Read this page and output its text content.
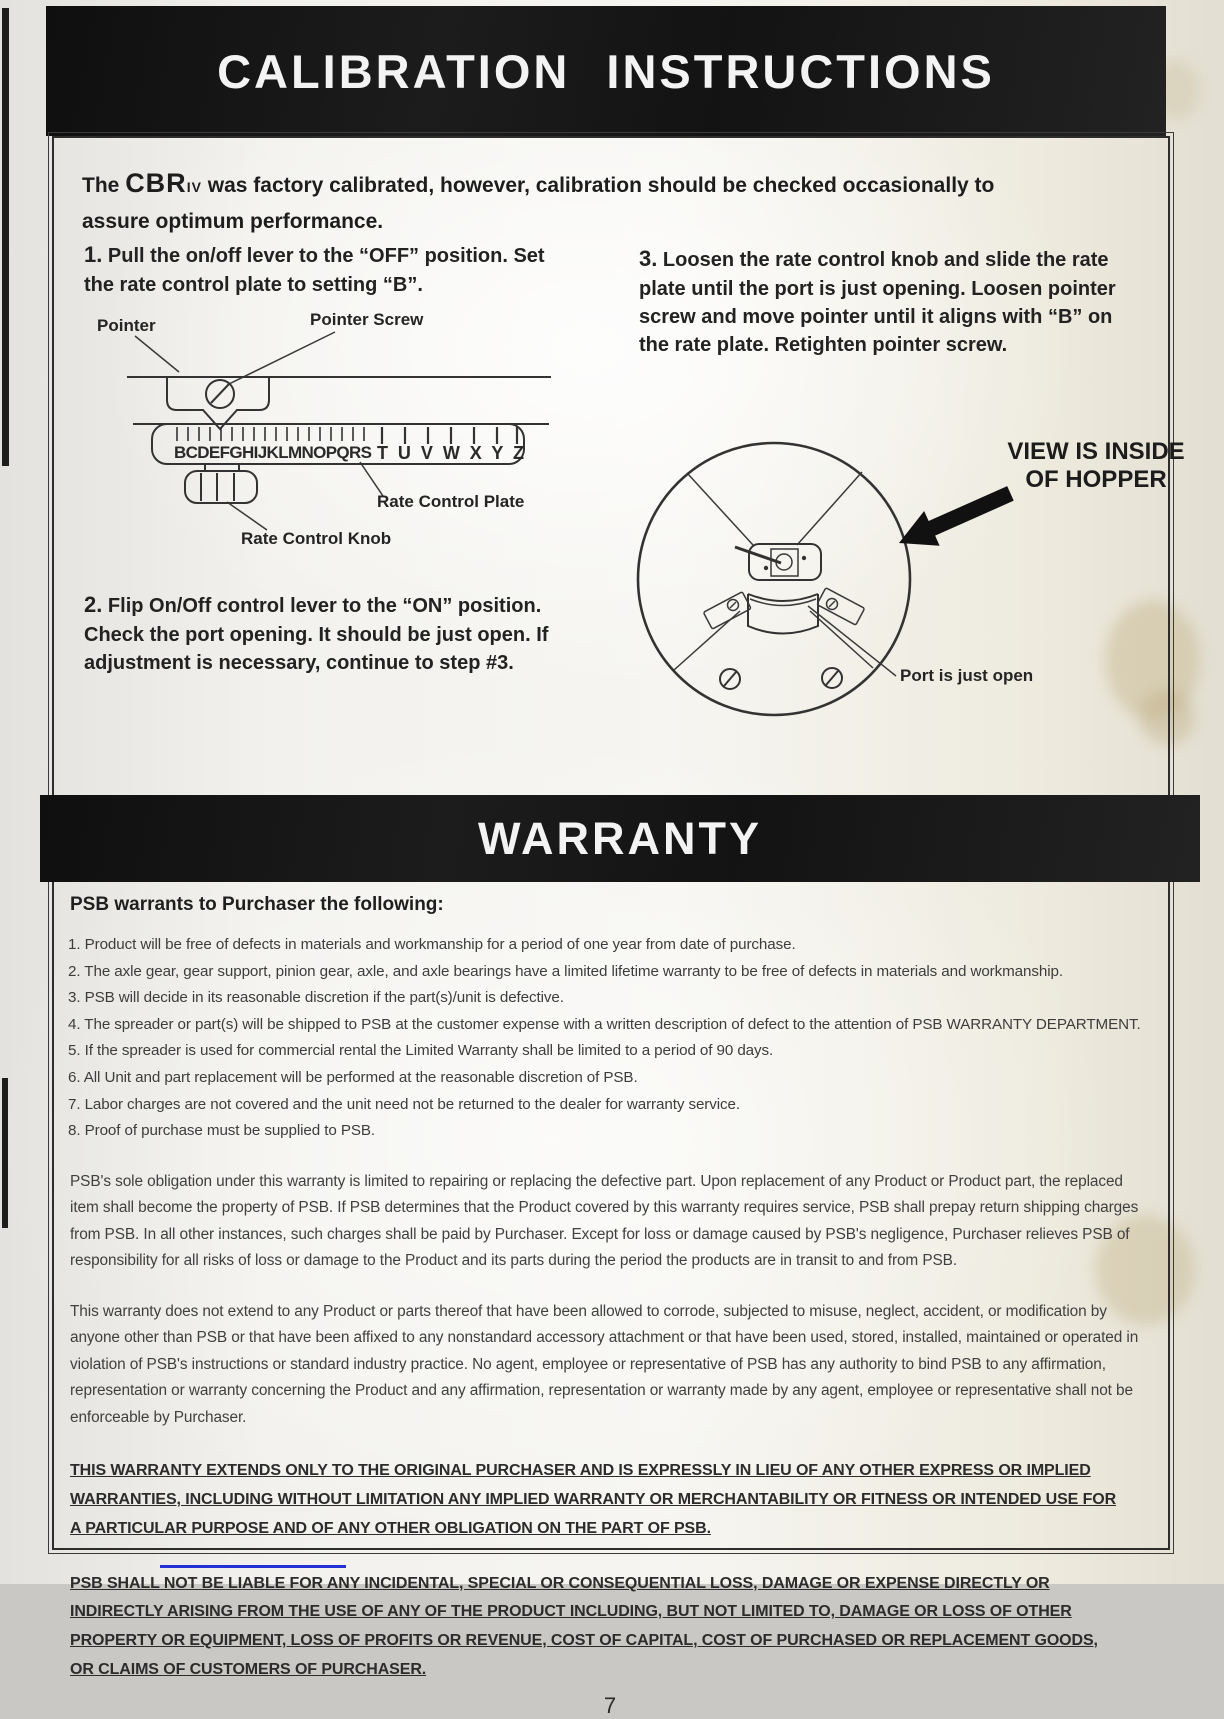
CALIBRATION INSTRUCTIONS

The CBRIV was factory calibrated, however, calibration should be checked occasionally to assure optimum performance.

1. Pull the on/off lever to the “OFF” position. Set the rate control plate to setting “B”.

BCDEFGHIJKLMNOPQRS T U V W X Y Z
Pointer	Pointer Screw
Rate Control Plate
Rate Control Knob

2. Flip On/Off control lever to the “ON” position. Check the port opening. It should be just open. If adjustment is necessary, continue to step #3.

3. Loosen the rate control knob and slide the rate plate until the port is just opening. Loosen pointer screw and move pointer until it aligns with “B” on the rate plate. Retighten pointer screw.

VIEW IS INSIDE OF HOPPER
Port is just open
WARRANTY

PSB warrants to Purchaser the following:

1. Product will be free of defects in materials and workmanship for a period of one year from date of purchase.
2. The axle gear, gear support, pinion gear, axle, and axle bearings have a limited lifetime warranty to be free of defects in materials and workmanship.
3. PSB will decide in its reasonable discretion if the part(s)/unit is defective.
4. The spreader or part(s) will be shipped to PSB at the customer expense with a written description of defect to the attention of PSB WARRANTY DEPARTMENT.
5. If the spreader is used for commercial rental the Limited Warranty shall be limited to a period of 90 days.
6. All Unit and part replacement will be performed at the reasonable discretion of PSB.
7. Labor charges are not covered and the unit need not be returned to the dealer for warranty service.
8. Proof of purchase must be supplied to PSB.

PSB's sole obligation under this warranty is limited to repairing or replacing the defective part. Upon replacement of any Product or Product part, the replaced item shall become the property of PSB. If PSB determines that the Product covered by this warranty requires service, PSB shall prepay return shipping charges from PSB. In all other instances, such charges shall be paid by Purchaser. Except for loss or damage caused by PSB's negligence, Purchaser relieves PSB of responsibility for all risks of loss or damage to the Product and its parts during the period the products are in transit to and from PSB.

This warranty does not extend to any Product or parts thereof that have been allowed to corrode, subjected to misuse, neglect, accident, or modification by anyone other than PSB or that have been affixed to any nonstandard accessory attachment or that have been used, stored, installed, maintained or operated in violation of PSB's instructions or standard industry practice. No agent, employee or representative of PSB has any authority to bind PSB to any affirmation, representation or warranty concerning the Product and any affirmation, representation or warranty made by any agent, employee or representative shall not be enforceable by Purchaser.

THIS WARRANTY EXTENDS ONLY TO THE ORIGINAL PURCHASER AND IS EXPRESSLY IN LIEU OF ANY OTHER EXPRESS OR IMPLIED WARRANTIES, INCLUDING WITHOUT LIMITATION ANY IMPLIED WARRANTY OR MERCHANTABILITY OR FITNESS OR INTENDED USE FOR A PARTICULAR PURPOSE AND OF ANY OTHER OBLIGATION ON THE PART OF PSB.

PSB SHALL NOT BE LIABLE FOR ANY INCIDENTAL, SPECIAL OR CONSEQUENTIAL LOSS, DAMAGE OR EXPENSE DIRECTLY OR INDIRECTLY ARISING FROM THE USE OF ANY OF THE PRODUCT INCLUDING, BUT NOT LIMITED TO, DAMAGE OR LOSS OF OTHER PROPERTY OR EQUIPMENT, LOSS OF PROFITS OR REVENUE, COST OF CAPITAL, COST OF PURCHASED OR REPLACEMENT GOODS, OR CLAIMS OF CUSTOMERS OF PURCHASER.

7
